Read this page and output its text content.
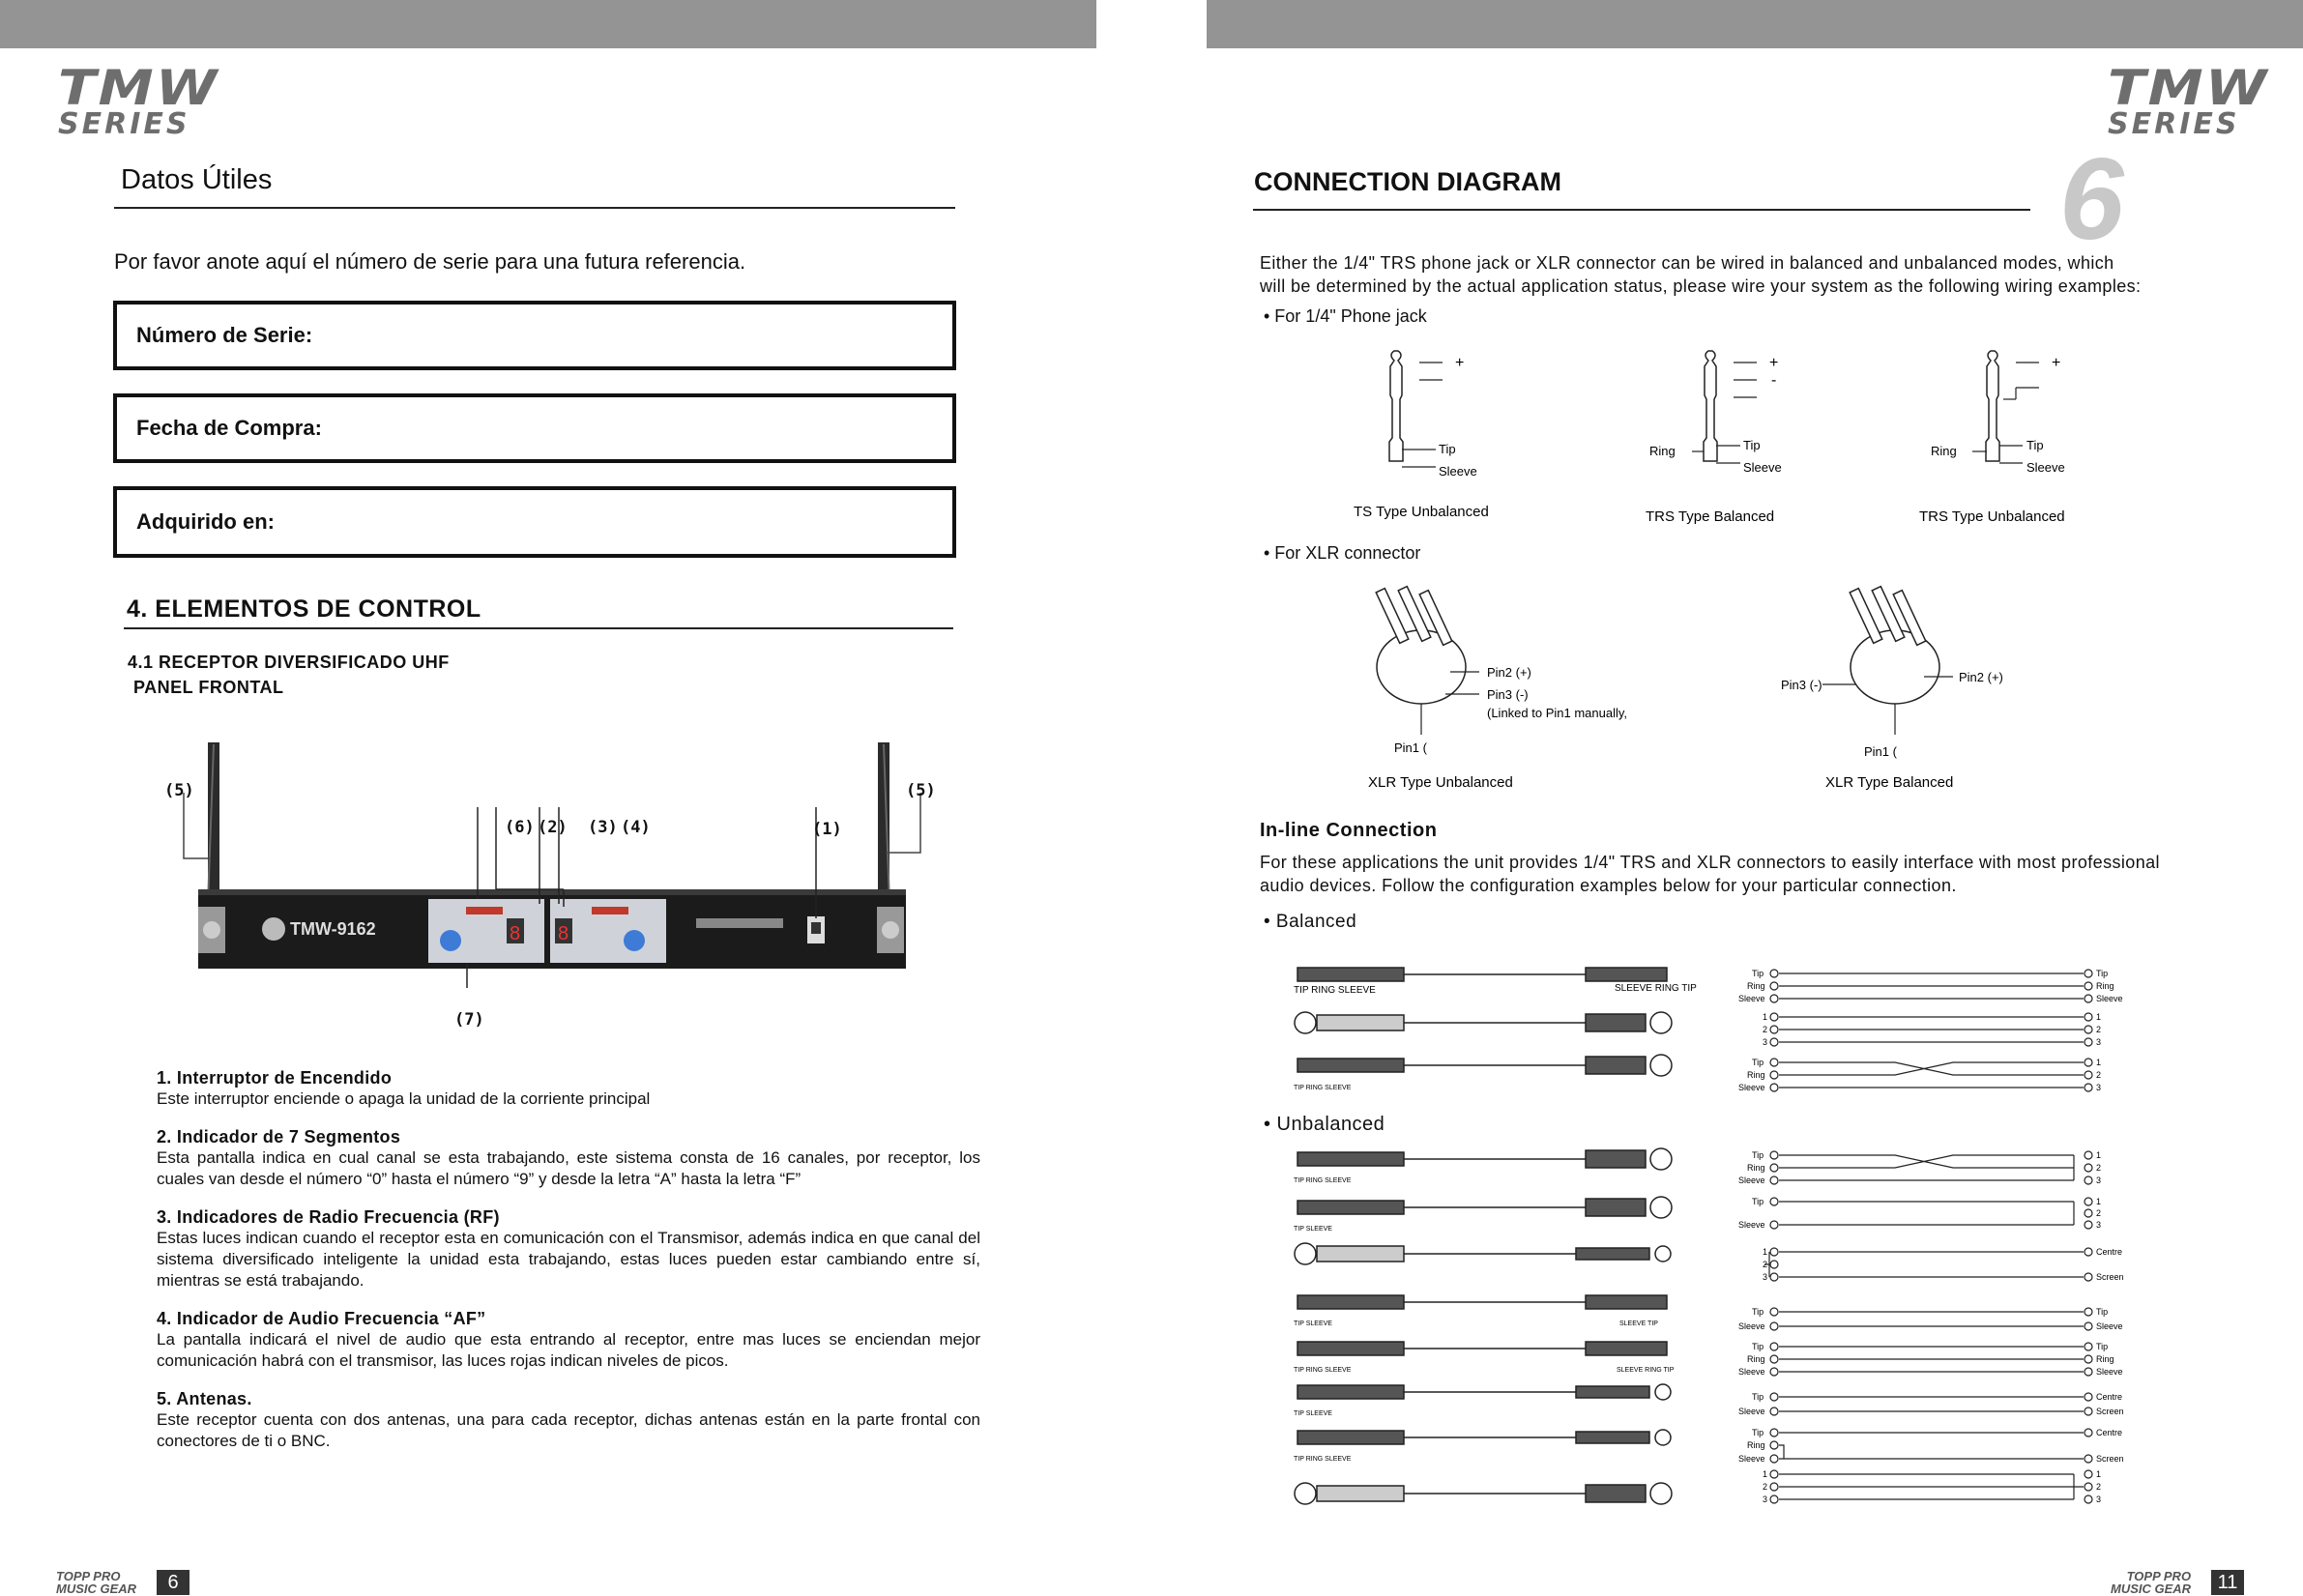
TMW
SERIES
Datos Útiles
Por favor anote aquí el número de serie para una futura referencia.
Número de Serie:
Fecha de Compra:
Adquirido en:
4. ELEMENTOS DE CONTROL
4.1 RECEPTOR DIVERSIFICADO UHF
PANEL FRONTAL
TMW-9162	8 8
(5)	(5)
(6) (2) (3) (4)	(1)
(7)
1. Interruptor de Encendido
Este interruptor enciende o apaga la unidad de la corriente principal
2. Indicador de 7 Segmentos
Esta pantalla indica en cual canal se esta trabajando, este sistema consta de 16 canales, por receptor, los cuales van desde el número “0” hasta el número “9” y desde la letra “A” hasta la letra “F”
3. Indicadores de Radio Frecuencia (RF)
Estas luces indican cuando el receptor esta en comunicación con el Transmisor, además indica en que canal del sistema diversificado inteligente la unidad esta trabajando, estas luces pueden estar cambiando entre sí, mientras se está trabajando.
4. Indicador de Audio Frecuencia “AF”
La pantalla indicará el nivel de audio que esta entrando al receptor, entre mas luces se enciendan mejor comunicación habrá con el transmisor, las luces rojas indican niveles de picos.
5. Antenas.
Este receptor cuenta con dos antenas, una para cada receptor, dichas antenas están en la parte frontal con conectores de ti o BNC.
TOPP PRO
MUSIC GEAR	6
TMW
SERIES
CONNECTION DIAGRAM	6
Either the 1/4" TRS phone jack or XLR connector can be wired in balanced and unbalanced modes, which
will be determined by the actual application status, please wire your system as the following wiring examples:
• For 1/4" Phone jack
+	+
-
+
Tip
Sleeve
Tip
Sleeve
Ring	Tip
Sleeve
Ring
TS Type Unbalanced	TRS Type Balanced	TRS Type Unbalanced
• For XLR connector
Pin2 (+)
Pin3 (-)
(Linked to Pin1 manually,
Pin1 (
Pin3 (-)
Pin2 (+)
Pin1 (
XLR Type Unbalanced	XLR Type Balanced
In-line Connection
For these applications the unit provides 1/4" TRS and XLR connectors to easily interface with most professional
audio devices. Follow the configuration examples below for your particular connection.
• Balanced
• Unbalanced
TIP RING SLEEVE	SLEEVE RING TIP
TIP RING SLEEVE
TIP RING SLEEVE
TIP SLEEVE
TIP SLEEVE	SLEEVE TIP
TIP RING SLEEVE	SLEEVE RING TIP
TIP SLEEVE
TIP RING SLEEVE
Tip
Ring
Sleeve
Tip
Ring
Sleeve
1
2
3
1
2
3
Tip
Ring
Sleeve
1
2
3
Tip
Ring
Sleeve
1
2
3
Tip
Sleeve
1
2
3
1
2
3
Centre
Screen
Tip
Sleeve
Tip
Sleeve
Tip
Ring
Sleeve
Tip
Ring
Sleeve
Tip
Sleeve
Centre
Screen
Tip
Ring
Sleeve
Centre
Screen
1
2
3
1
2
3
TOPP PRO
MUSIC GEAR	11
